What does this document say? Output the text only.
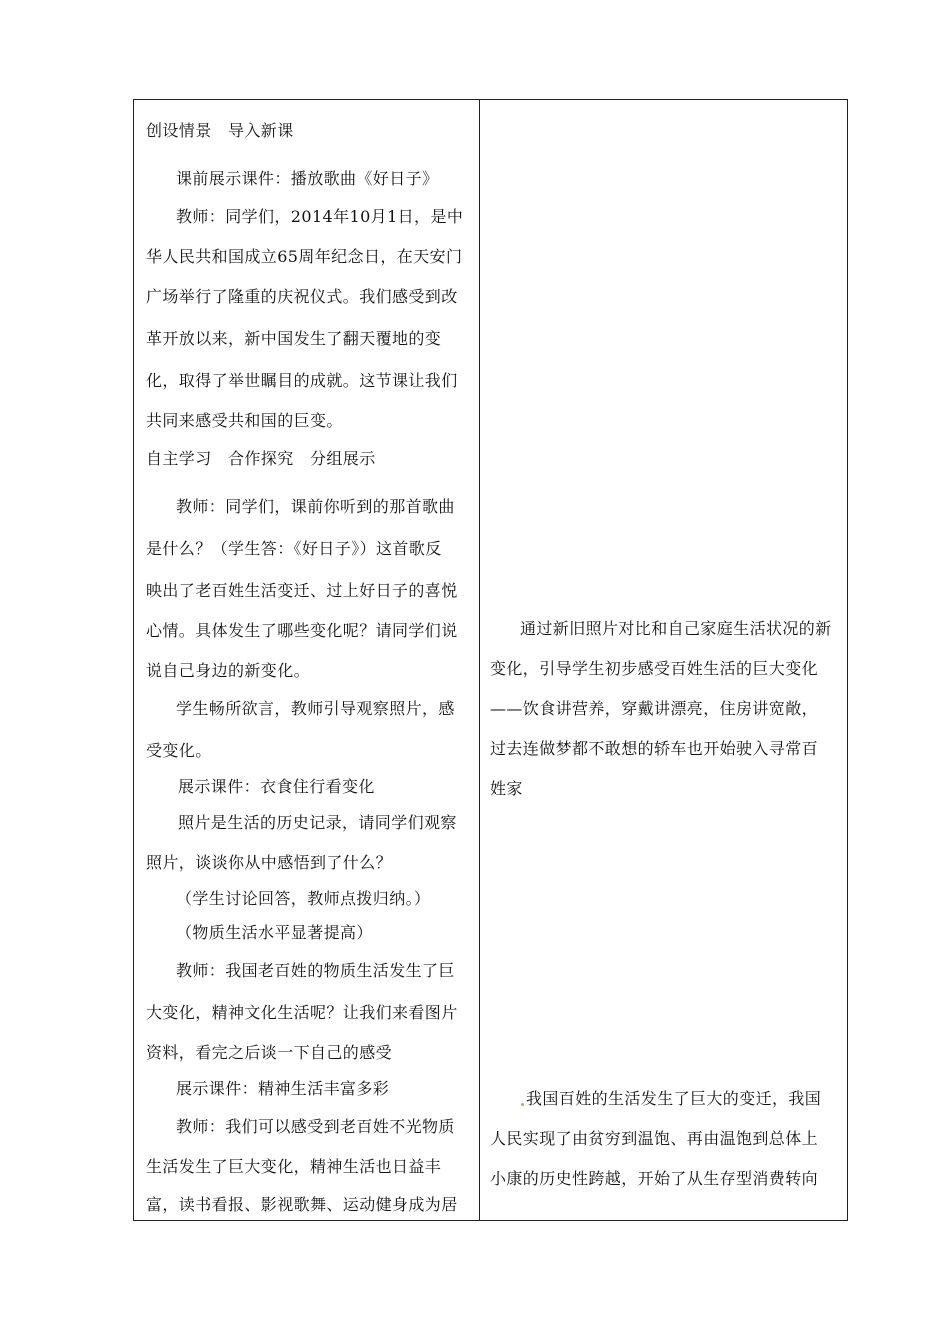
创设情景　导入新课
课前展示课件：播放歌曲《好日子》
教师：同学们，2014年10月1日，是中
华人民共和国成立65周年纪念日，在天安门
广场举行了隆重的庆祝仪式。我们感受到改
革开放以来，新中国发生了翻天覆地的变
化，取得了举世瞩目的成就。这节课让我们
共同来感受共和国的巨变。
自主学习　合作探究　分组展示
教师：同学们，课前你听到的那首歌曲
是什么？（学生答：《好日子》）这首歌反
映出了老百姓生活变迁、过上好日子的喜悦
心情。具体发生了哪些变化呢？请同学们说
说自己身边的新变化。
学生畅所欲言，教师引导观察照片，感
受变化。
展示课件：衣食住行看变化
照片是生活的历史记录，请同学们观察
照片，谈谈你从中感悟到了什么？
（学生讨论回答，教师点拨归纳。）
（物质生活水平显著提高）
教师：我国老百姓的物质生活发生了巨
大变化，精神文化生活呢？让我们来看图片
资料，看完之后谈一下自己的感受
展示课件：精神生活丰富多彩
教师：我们可以感受到老百姓不光物质
生活发生了巨大变化，精神生活也日益丰
富，读书看报、影视歌舞、运动健身成为居
通过新旧照片对比和自己家庭生活状况的新
变化，引导学生初步感受百姓生活的巨大变化
——饮食讲营养，穿戴讲漂亮，住房讲宽敞，
过去连做梦都不敢想的轿车也开始驶入寻常百
姓家
我国百姓的生活发生了巨大的变迁，我国
人民实现了由贫穷到温饱、再由温饱到总体上
小康的历史性跨越，开始了从生存型消费转向
